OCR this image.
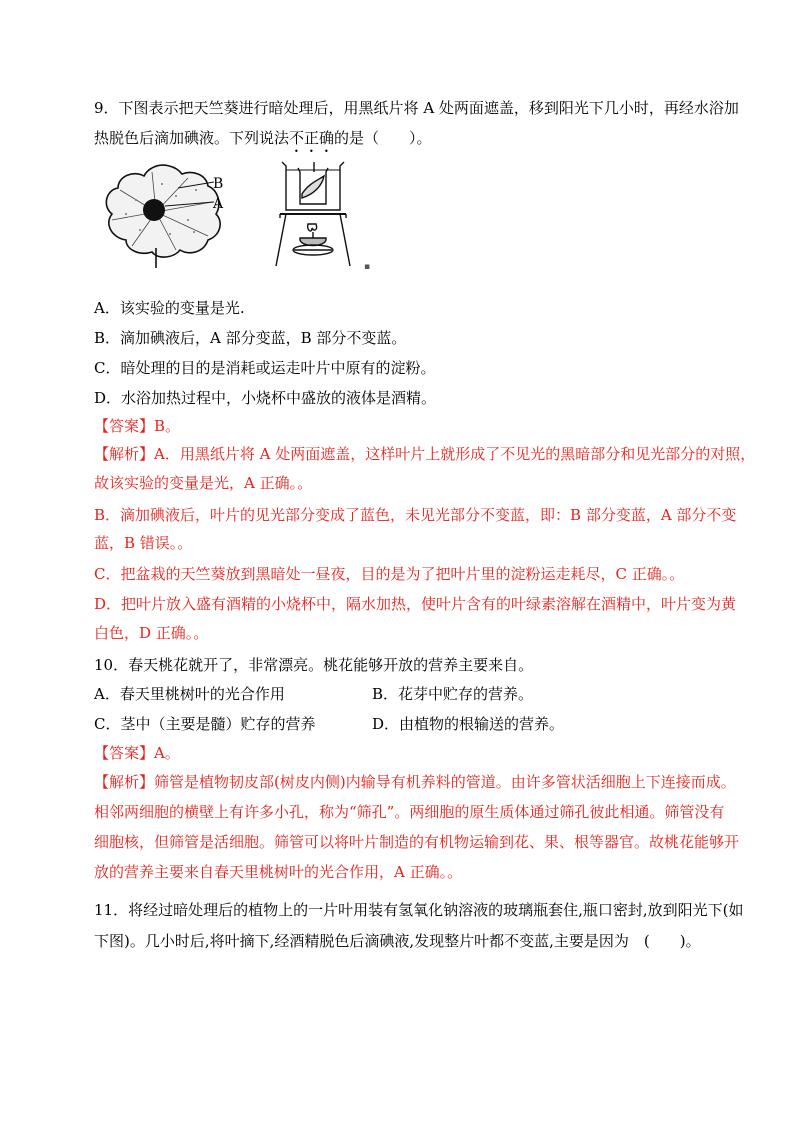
9．下图表示把天竺葵进行暗处理后，用黑纸片将 A 处两面遮盖，移到阳光下几小时，再经水浴加
热脱色后滴加碘液。下列说法不正确的是（　　）。
B
A
▪
A．该实验的变量是光.
B．滴加碘液后，A 部分变蓝，B 部分不变蓝。
C．暗处理的目的是消耗或运走叶片中原有的淀粉。
D．水浴加热过程中，小烧杯中盛放的液体是酒精。
【答案】B。
【解析】A．用黑纸片将 A 处两面遮盖，这样叶片上就形成了不见光的黑暗部分和见光部分的对照，
故该实验的变量是光，A 正确。。
B．滴加碘液后，叶片的见光部分变成了蓝色，未见光部分不变蓝，即：B 部分变蓝，A 部分不变
蓝，B 错误。。
C．把盆栽的天竺葵放到黑暗处一昼夜，目的是为了把叶片里的淀粉运走耗尽，C 正确。。
D．把叶片放入盛有酒精的小烧杯中，隔水加热，使叶片含有的叶绿素溶解在酒精中，叶片变为黄
白色，D 正确。。
10．春天桃花就开了，非常漂亮。桃花能够开放的营养主要来自。
A．春天里桃树叶的光合作用	B．花芽中贮存的营养。
C．茎中（主要是髓）贮存的营养	D．由植物的根输送的营养。
【答案】A。
【解析】筛管是植物韧皮部(树皮内侧)内输导有机养料的管道。由许多管状活细胞上下连接而成。
相邻两细胞的横壁上有许多小孔，称为“筛孔”。两细胞的原生质体通过筛孔彼此相通。筛管没有
细胞核，但筛管是活细胞。筛管可以将叶片制造的有机物运输到花、果、根等器官。故桃花能够开
放的营养主要来自春天里桃树叶的光合作用，A 正确。。
11．将经过暗处理后的植物上的一片叶用装有氢氧化钠溶液的玻璃瓶套住,瓶口密封,放到阳光下(如
下图)。几小时后,将叶摘下,经酒精脱色后滴碘液,发现整片叶都不变蓝,主要是因为　(　　)。
